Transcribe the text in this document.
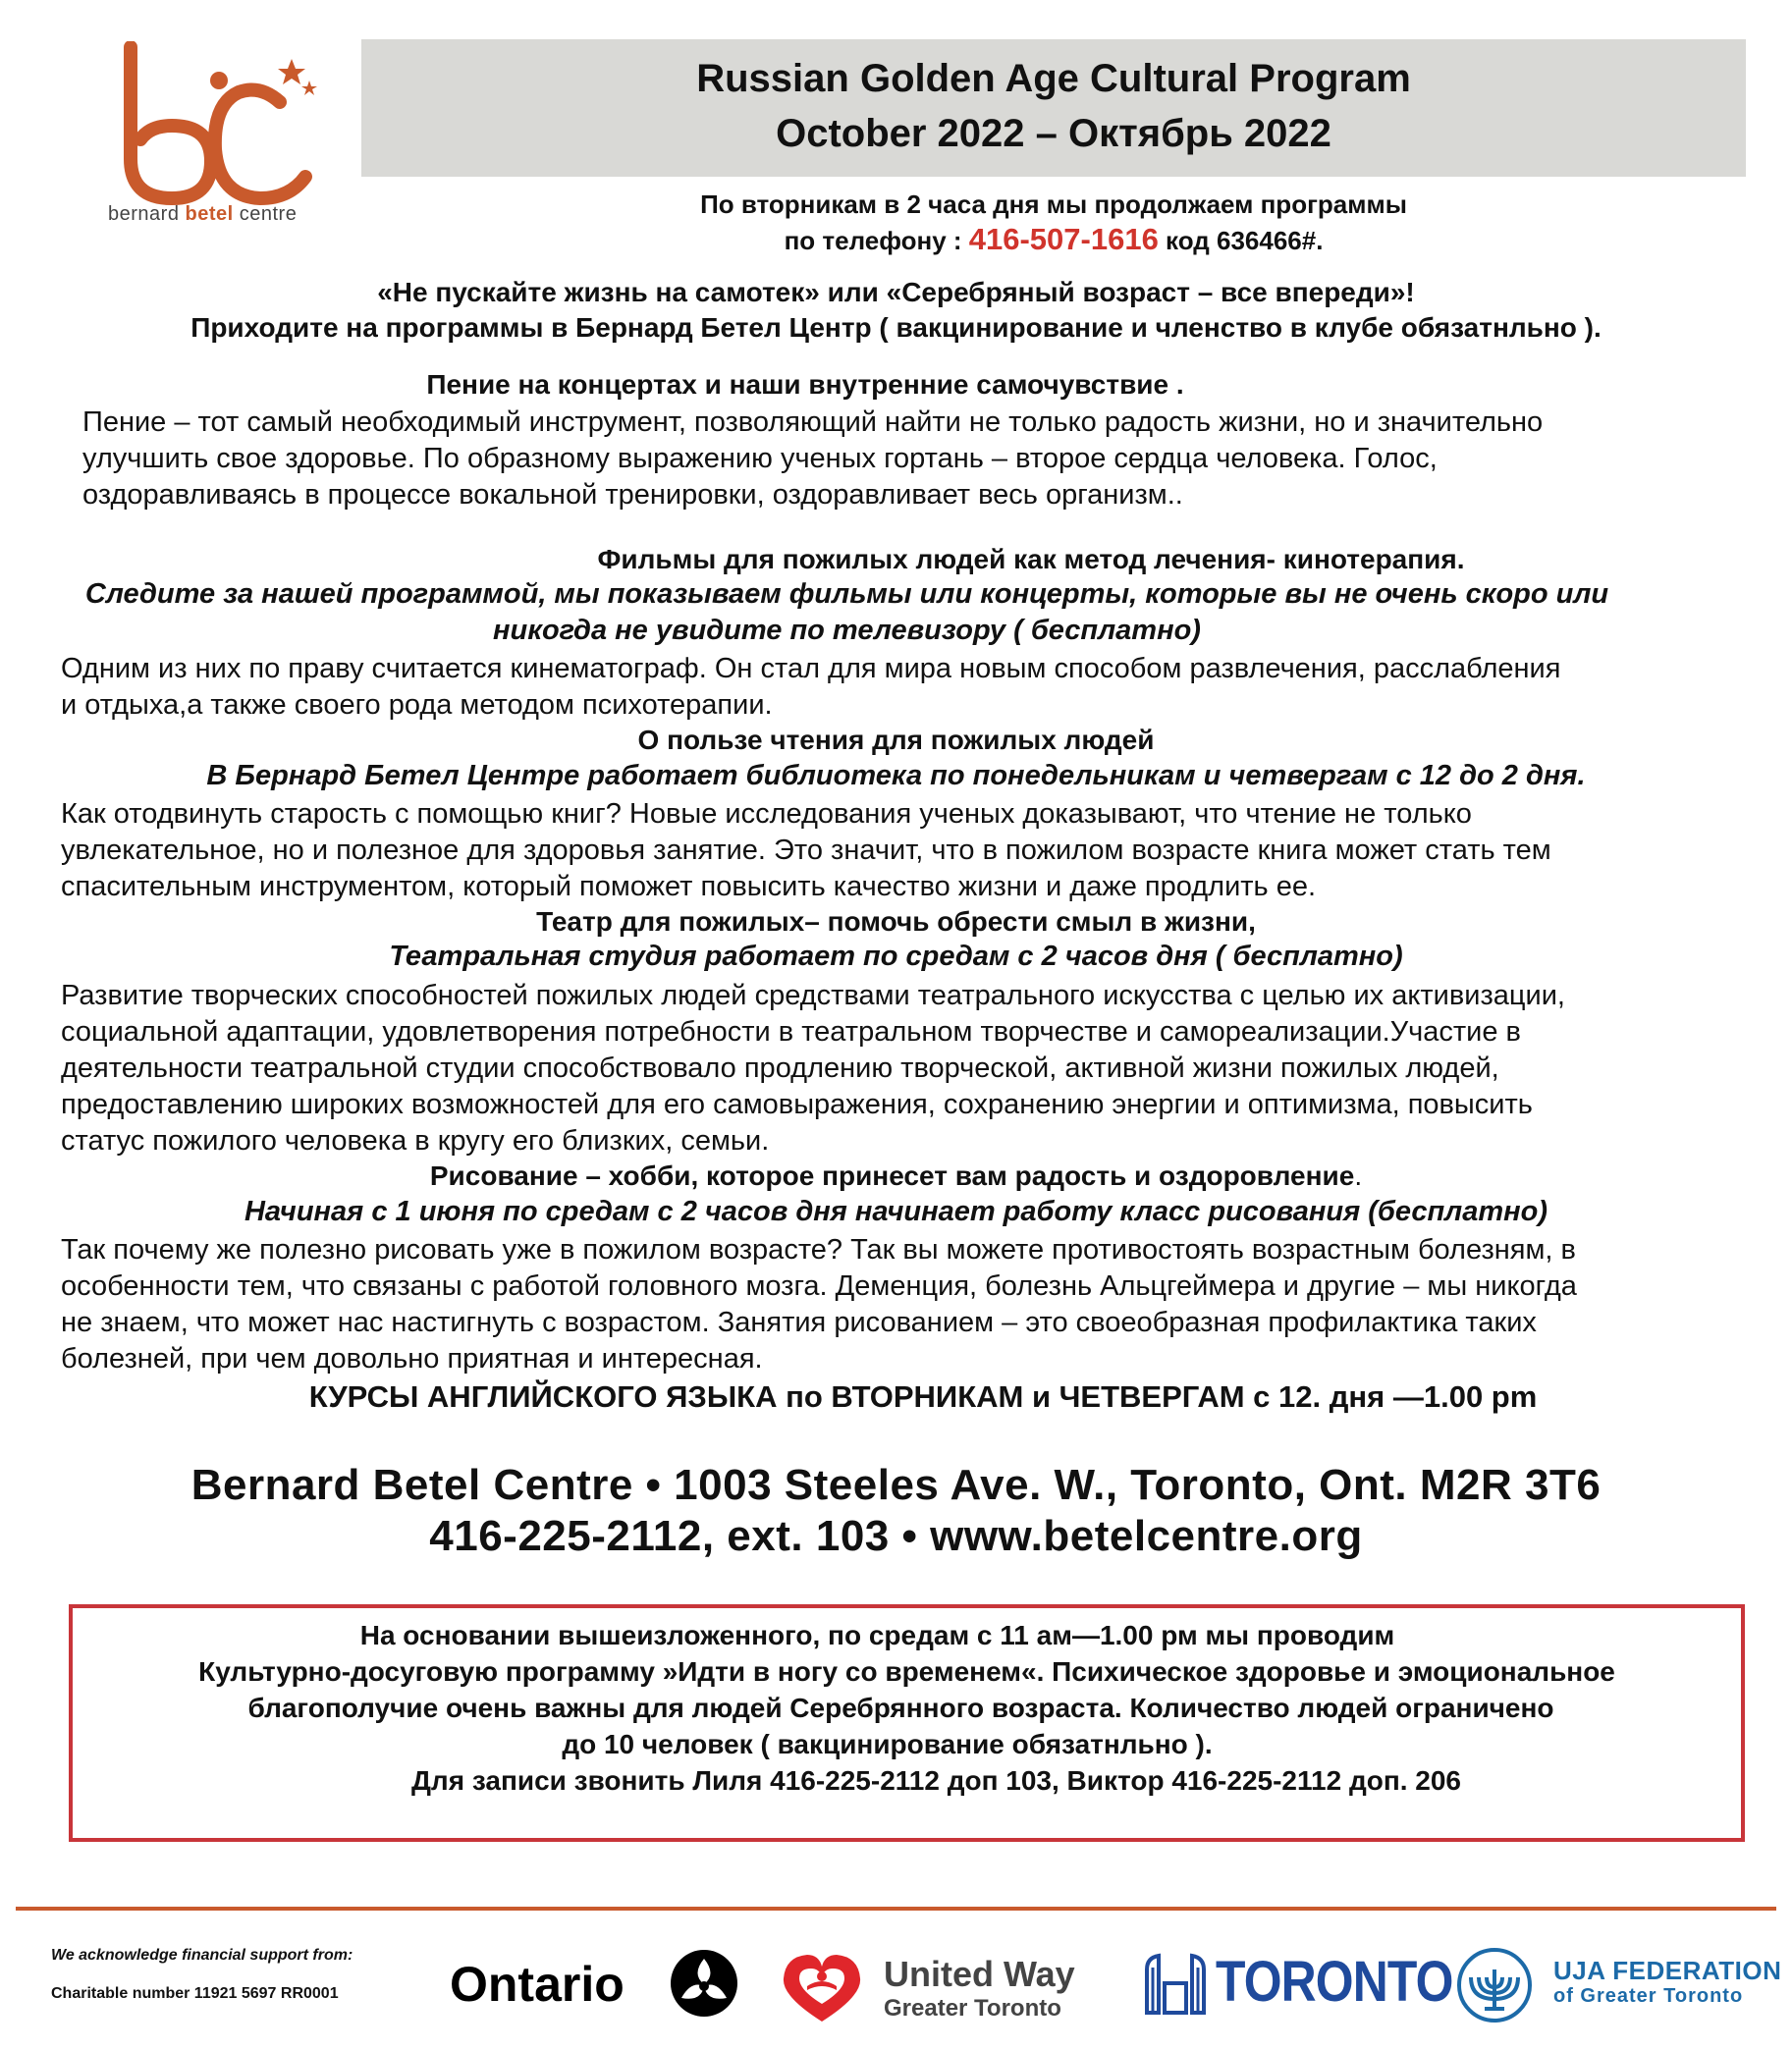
bernard betel centre
Russian Golden Age Cultural Program
October 2022 – Октябрь 2022
По вторникам в 2 часа дня мы продолжаем программы
по телефону : 416-507-1616 код 636466#.
«Не пускайте жизнь на самотек» или «Серебряный возраст – все впереди»!
Приходите на программы в Бернард Бетел Центр ( вакцинирование и членство в клубе обязатнльно ).
Пение на концертах и наши внутренние самочувствие .
Пение – тот самый необходимый инструмент, позволяющий найти не только радость жизни, но и значительно
улучшить свое здоровье. По образному выражению ученых гортань – второе сердца человека. Голос,
оздоравливаясь в процессе вокальной тренировки, оздоравливает весь организм..
Фильмы для пожилых людей как метод лечения- кинотерапия.
Следите за нашей программой, мы показываем фильмы или концерты, которые вы не очень скоро или
никогда не увидите по телевизору ( бесплатно)
Одним из них по праву считается кинематограф. Он стал для мира новым способом развлечения, расслабления
и отдыха,а также своего рода методом психотерапии.
О пользе чтения для пожилых людей
В Бернард Бетел Центре работает библиотека по понедельникам и четвергам с 12 до 2 дня.
Как отодвинуть старость с помощью книг? Новые исследования ученых доказывают, что чтение не только
увлекательное, но и полезное для здоровья занятие. Это значит, что в пожилом возрасте книга может стать тем
спасительным инструментом, который поможет повысить качество жизни и даже продлить ее.
Театр для пожилых– помочь обрести смыл в жизни,
Театральная студия работает по средам с 2 часов дня ( бесплатно)
Развитие творческих способностей пожилых людей средствами театрального искусства с целью их активизации,
социальной адаптации, удовлетворения потребности в театральном творчестве и самореализации.Участие в
деятельности театральной студии способствовало продлению творческой, активной жизни пожилых людей,
предоставлению широких возможностей для его самовыражения, сохранению энергии и оптимизма, повысить
статус пожилого человека в кругу его близких, семьи.
Рисование – хобби, которое принесет вам радость и оздоровление.
Начиная с 1 июня по средам с 2 часов дня начинает работу класс рисования (бесплатно)
Так почему же полезно рисовать уже в пожилом возрасте? Так вы можете противостоять возрастным болезням, в
особенности тем, что связаны с работой головного мозга. Деменция, болезнь Альцгеймера и другие – мы никогда
не знаем, что может нас настигнуть с возрастом. Занятия рисованием – это своеобразная профилактика таких
болезней, при чем довольно приятная и интересная.
КУРСЫ АНГЛИЙСКОГО ЯЗЫКА по ВТОРНИКАМ и ЧЕТВЕРГАМ с 12. дня —1.00 pm
Bernard Betel Centre • 1003 Steeles Ave. W., Toronto, Ont. M2R 3T6
416-225-2112, ext. 103 • www.betelcentre.org
На основании вышеизложенного, по средам с 11 ам—1.00 рм мы проводим
Культурно-досуговую программу »Идти в ногу со временем«. Психическое здоровье и эмоциональное
благополучие очень важны для людей Серебрянного возраста. Количество людей ограничено
до 10 человек ( вакцинирование обязатнльно ).
Для записи звонить Лиля 416-225-2112 доп 103, Виктор 416-225-2112 доп. 206
We acknowledge financial support from:
Charitable number 11921 5697 RR0001 Ontario	United Way
Greater Toronto	TORONTO	UJA FEDERATION
of Greater Toronto
